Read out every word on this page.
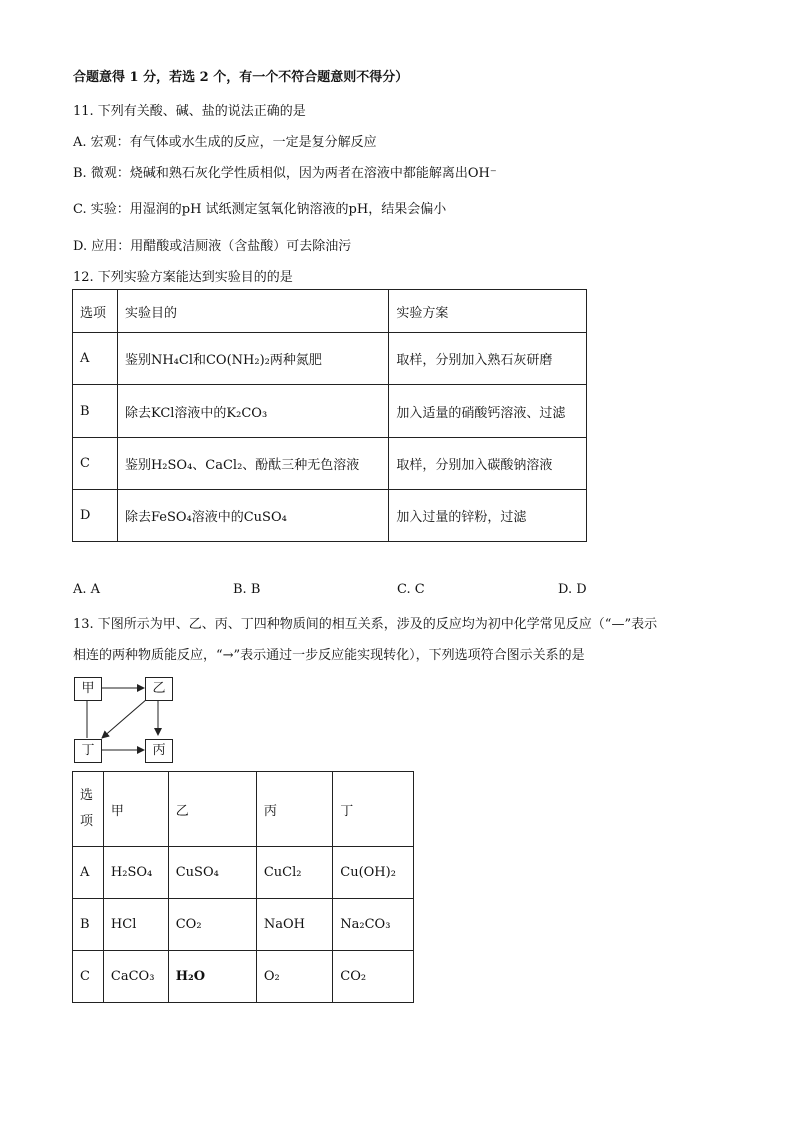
合题意得 1 分，若选 2 个，有一个不符合题意则不得分）
11. 下列有关酸、碱、盐的说法正确的是
A. 宏观：有气体或水生成的反应，一定是复分解反应
B. 微观：烧碱和熟石灰化学性质相似，因为两者在溶液中都能解离出OH⁻
C. 实验：用湿润的pH 试纸测定氢氧化钠溶液的pH，结果会偏小
D. 应用：用醋酸或洁厕液（含盐酸）可去除油污
12. 下列实验方案能达到实验目的的是
选项	实验目的	实验方案
A	鉴别NH₄Cl和CO(NH₂)₂两种氮肥	取样，分别加入熟石灰研磨
B	除去KCl溶液中的K₂CO₃	加入适量的硝酸钙溶液、过滤
C	鉴别H₂SO₄、CaCl₂、酚酞三种无色溶液	取样，分别加入碳酸钠溶液
D	除去FeSO₄溶液中的CuSO₄	加入过量的锌粉，过滤
A. A	B. B	C. C	D. D
13. 下图所示为甲、乙、丙、丁四种物质间的相互关系，涉及的反应均为初中化学常见反应（“—”表示
相连的两种物质能反应，“→”表示通过一步反应能实现转化），下列选项符合图示关系的是
甲	乙
丁	丙
选项	甲	乙	丙	丁
A	H₂SO₄	CuSO₄	CuCl₂	Cu(OH)₂
B	HCl	CO₂	NaOH	Na₂CO₃
C	CaCO₃	H₂O	O₂	CO₂
